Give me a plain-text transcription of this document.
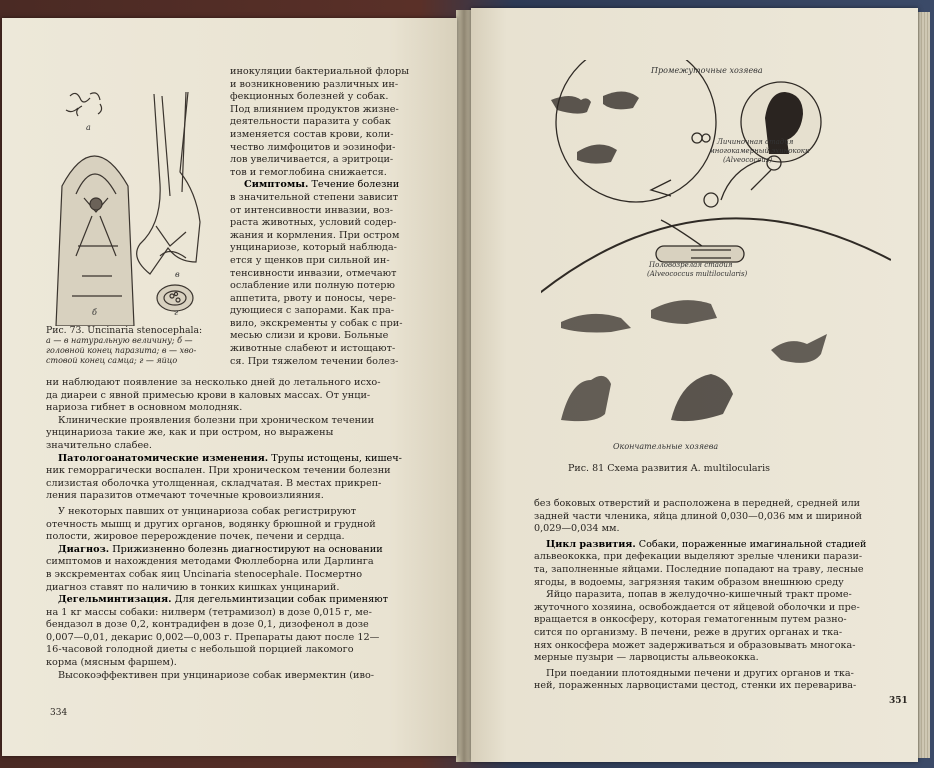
а
б
в
г
Рис. 73. Uncinaria stenocephala:
а — в натуральную величину; б —
головной конец паразита; в — хво-
стовой конец самца; г — яйцо
инокуляции бактериальной флоры
и возникновению различных ин-
фекционных болезней у собак.
Под влиянием продуктов жизне-
деятельности паразита у собак
изменяется состав крови, коли-
чество лимфоцитов и эозинофи-
лов увеличивается, а эритроци-
тов и гемоглобина снижается.
Симптомы. Течение болезни
в значительной степени зависит
от интенсивности инвазии, воз-
раста животных, условий содер-
жания и кормления. При остром
унцинариозе, который наблюда-
ется у щенков при сильной ин-
тенсивности инвазии, отмечают
ослабление или полную потерю
аппетита, рвоту и поносы, чере-
дующиеся с запорами. Как пра-
вило, экскременты у собак с при-
месью слизи и крови. Больные
животные слабеют и истощают-
ся. При тяжелом течении болез-
ни наблюдают появление за несколько дней до летального исхо-
да диареи с явной примесью крови в каловых массах. От унци-
нариоза гибнет в основном молодняк.
Клинические проявления болезни при хроническом течении
унцинариоза такие же, как и при остром, но выражены
значительно слабее.
Патологоанатомические изменения. Трупы истощены, кишеч-
ник геморрагически воспален. При хроническом течении болезни
слизистая оболочка утолщенная, складчатая. В местах прикреп-
ления паразитов отмечают точечные кровоизлияния.
У некоторых павших от унцинариоза собак регистрируют
отечность мышц и других органов, водянку брюшной и грудной
полости, жировое перерождение почек, печени и сердца.
Диагноз. Прижизненно болезнь диагностируют на основании
симптомов и нахождения методами Фюллеборна или Дарлинга
в экскрементах собак яиц Uncinaria stenocephale. Посмертно
диагноз ставят по наличию в тонких кишках унцинарий.
Дегельминтизация. Для дегельминтизации собак применяют
на 1 кг массы собаки: нилверм (тетрамизол) в дозе 0,015 г, ме-
бендазол в дозе 0,2, контрадифен в дозе 0,1, дизофенол в дозе
0,007—0,01, декарис 0,002—0,003 г. Препараты дают после 12—
16-часовой голодной диеты с небольшой порцией лакомого
корма (мясным фаршем).
Высокоэффективен при унцинариозе собак ивермектин (иво-
334
Промежуточные хозяева
Личиночная стадия
многокамерный эхинококк
(Alveococcus)
Половозрелая стадия
(Alveococcus multilocularis)
Окончательные хозяева
Рис. 81 Схема развития A. multilocularis
без боковых отверстий и расположена в передней, средней или
задней части членика, яйца длиной 0,030—0,036 мм и шириной
0,029—0,034 мм.
Цикл развития. Собаки, пораженные имагинальной стадией
альвеококка, при дефекации выделяют зрелые членики парази-
та, заполненные яйцами. Последние попадают на траву, лесные
ягоды, в водоемы, загрязняя таким образом внешнюю среду
Яйцо паразита, попав в желудочно-кишечный тракт проме-
жуточного хозяина, освобождается от яйцевой оболочки и пре-
вращается в онкосферу, которая гематогенным путем разно-
сится по организму. В печени, реже в других органах и тка-
нях онкосфера может задерживаться и образовывать многока-
мерные пузыри — ларвоцисты альвеококка.
При поедании плотоядными печени и других органов и тка-
ней, пораженных ларвоцистами цестод, стенки их переварива-
351
